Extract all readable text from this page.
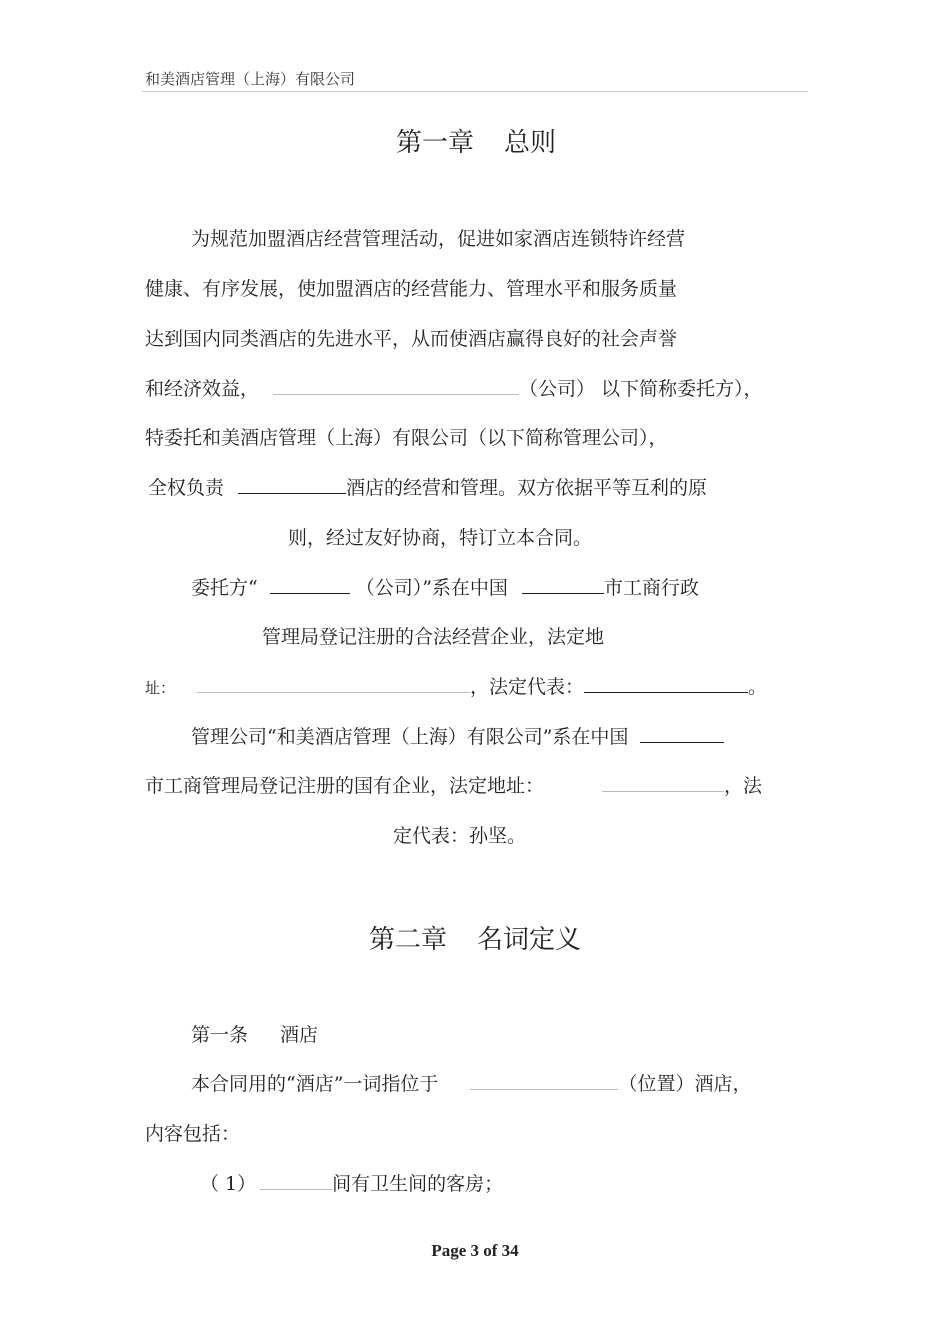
和美酒店管理（上海）有限公司
第一章 总则
为规范加盟酒店经营管理活动，促进如家酒店连锁特许经营
健康、有序发展，使加盟酒店的经营能力、管理水平和服务质量
达到国内同类酒店的先进水平，从而使酒店赢得良好的社会声誉
和经济效益，	（公司） 以下简称委托方），
特委托和美酒店管理（上海）有限公司（以下简称管理公司），
全权负责	酒店的经营和管理。双方依据平等互利的原
则，经过友好协商，特订立本合同。
委托方“	（公司）”系在中国	市工商行政
管理局登记注册的合法经营企业，法定地
址：	，法定代表：	。
管理公司“和美酒店管理（上海）有限公司”系在中国
市工商管理局登记注册的国有企业，法定地址：	，法
定代表：孙坚。
第二章 名词定义
第一条 酒店
本合同用的“酒店”一词指位于	（位置）酒店，
内容包括：
（ 1）	间有卫生间的客房；
Page 3 of 34
